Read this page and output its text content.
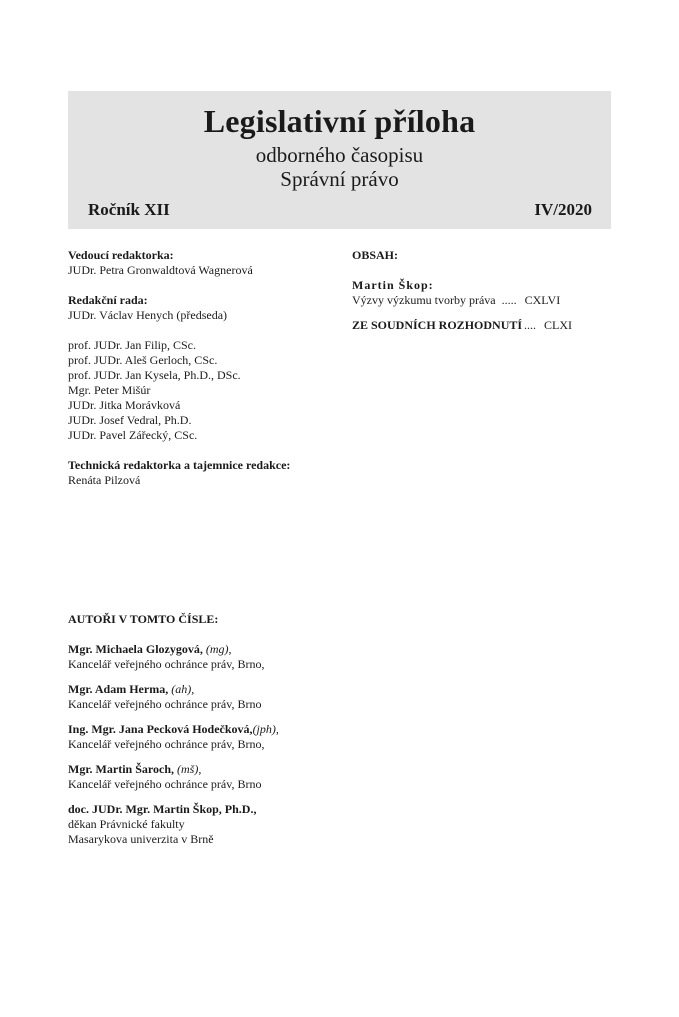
Legislativní příloha
odborného časopisu
Správní právo
Ročník XII	IV/2020
Vedoucí redaktorka:
JUDr. Petra Gronwaldtová Wagnerová
Redakční rada:
JUDr. Václav Henych (předseda)
prof. JUDr. Jan Filip, CSc.
prof. JUDr. Aleš Gerloch, CSc.
prof. JUDr. Jan Kysela, Ph.D., DSc.
Mgr. Peter Mišúr
JUDr. Jitka Morávková
JUDr. Josef Vedral, Ph.D.
JUDr. Pavel Zářecký, CSc.
Technická redaktorka a tajemnice redakce:
Renáta Pilzová
OBSAH:
Martin Škop:
Výzvy výzkumu tvorby práva ..... CXLVI
ZE SOUDNÍCH ROZHODNUTÍ .... CLXI
AUTOŘI V TOMTO ČÍSLE:
Mgr. Michaela Glozygová, (mg),
Kancelář veřejného ochránce práv, Brno,
Mgr. Adam Herma, (ah),
Kancelář veřejného ochránce práv, Brno
Ing. Mgr. Jana Pecková Hodečková,(jph),
Kancelář veřejného ochránce práv, Brno,
Mgr. Martin Šaroch, (mš),
Kancelář veřejného ochránce práv, Brno
doc. JUDr. Mgr. Martin Škop, Ph.D.,
děkan Právnické fakulty
Masarykova univerzita v Brně
